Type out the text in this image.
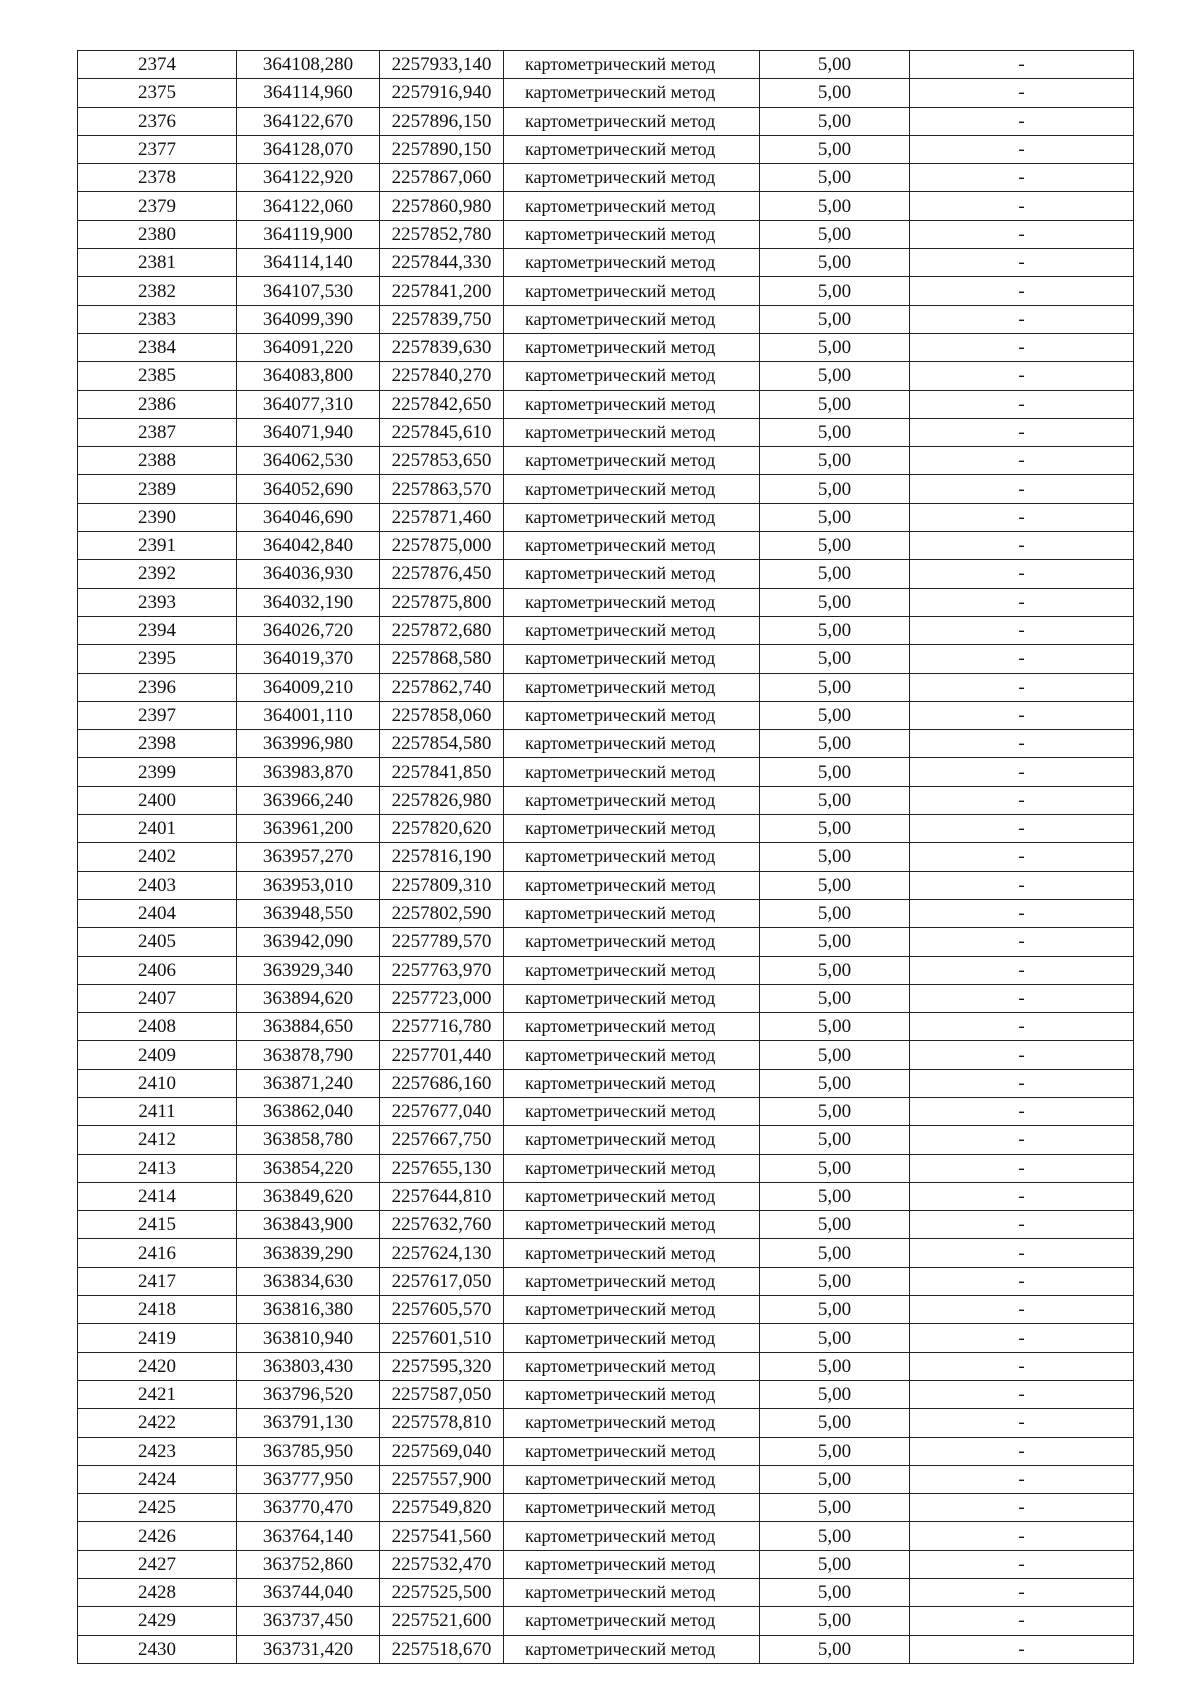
2374	364108,280	2257933,140	картометрический метод	5,00	-
2375	364114,960	2257916,940	картометрический метод	5,00	-
2376	364122,670	2257896,150	картометрический метод	5,00	-
2377	364128,070	2257890,150	картометрический метод	5,00	-
2378	364122,920	2257867,060	картометрический метод	5,00	-
2379	364122,060	2257860,980	картометрический метод	5,00	-
2380	364119,900	2257852,780	картометрический метод	5,00	-
2381	364114,140	2257844,330	картометрический метод	5,00	-
2382	364107,530	2257841,200	картометрический метод	5,00	-
2383	364099,390	2257839,750	картометрический метод	5,00	-
2384	364091,220	2257839,630	картометрический метод	5,00	-
2385	364083,800	2257840,270	картометрический метод	5,00	-
2386	364077,310	2257842,650	картометрический метод	5,00	-
2387	364071,940	2257845,610	картометрический метод	5,00	-
2388	364062,530	2257853,650	картометрический метод	5,00	-
2389	364052,690	2257863,570	картометрический метод	5,00	-
2390	364046,690	2257871,460	картометрический метод	5,00	-
2391	364042,840	2257875,000	картометрический метод	5,00	-
2392	364036,930	2257876,450	картометрический метод	5,00	-
2393	364032,190	2257875,800	картометрический метод	5,00	-
2394	364026,720	2257872,680	картометрический метод	5,00	-
2395	364019,370	2257868,580	картометрический метод	5,00	-
2396	364009,210	2257862,740	картометрический метод	5,00	-
2397	364001,110	2257858,060	картометрический метод	5,00	-
2398	363996,980	2257854,580	картометрический метод	5,00	-
2399	363983,870	2257841,850	картометрический метод	5,00	-
2400	363966,240	2257826,980	картометрический метод	5,00	-
2401	363961,200	2257820,620	картометрический метод	5,00	-
2402	363957,270	2257816,190	картометрический метод	5,00	-
2403	363953,010	2257809,310	картометрический метод	5,00	-
2404	363948,550	2257802,590	картометрический метод	5,00	-
2405	363942,090	2257789,570	картометрический метод	5,00	-
2406	363929,340	2257763,970	картометрический метод	5,00	-
2407	363894,620	2257723,000	картометрический метод	5,00	-
2408	363884,650	2257716,780	картометрический метод	5,00	-
2409	363878,790	2257701,440	картометрический метод	5,00	-
2410	363871,240	2257686,160	картометрический метод	5,00	-
2411	363862,040	2257677,040	картометрический метод	5,00	-
2412	363858,780	2257667,750	картометрический метод	5,00	-
2413	363854,220	2257655,130	картометрический метод	5,00	-
2414	363849,620	2257644,810	картометрический метод	5,00	-
2415	363843,900	2257632,760	картометрический метод	5,00	-
2416	363839,290	2257624,130	картометрический метод	5,00	-
2417	363834,630	2257617,050	картометрический метод	5,00	-
2418	363816,380	2257605,570	картометрический метод	5,00	-
2419	363810,940	2257601,510	картометрический метод	5,00	-
2420	363803,430	2257595,320	картометрический метод	5,00	-
2421	363796,520	2257587,050	картометрический метод	5,00	-
2422	363791,130	2257578,810	картометрический метод	5,00	-
2423	363785,950	2257569,040	картометрический метод	5,00	-
2424	363777,950	2257557,900	картометрический метод	5,00	-
2425	363770,470	2257549,820	картометрический метод	5,00	-
2426	363764,140	2257541,560	картометрический метод	5,00	-
2427	363752,860	2257532,470	картометрический метод	5,00	-
2428	363744,040	2257525,500	картометрический метод	5,00	-
2429	363737,450	2257521,600	картометрический метод	5,00	-
2430	363731,420	2257518,670	картометрический метод	5,00	-
